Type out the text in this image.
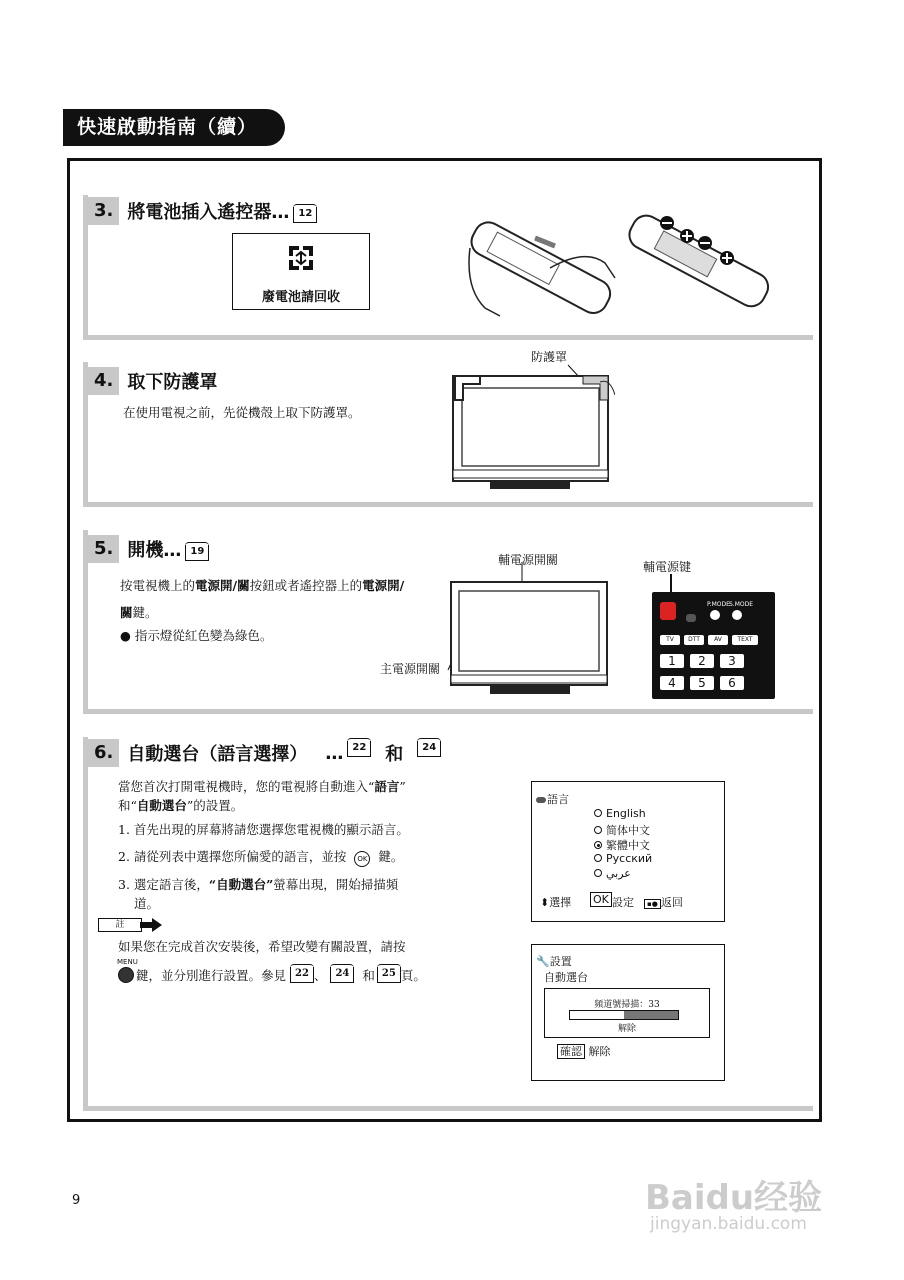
快速啟動指南（續）
3. 將電池插入遙控器… 12
廢電池請回收
4. 取下防護罩
在使用電視之前，先從機殼上取下防護罩。
防護罩
5. 開機… 19
按電視機上的電源開/關按鈕或者遙控器上的電源開/
關鍵。
● 指示燈從紅色變為綠色。
輔電源開關
主電源開關
輔電源键
P.MODE S.MODE
TV	DTT	AV	TEXT
1	2	3
4	5	6
6. 自動選台（語言選擇） … 22 和	24
當您首次打開電視機時，您的電視將自動進入“語言”
和“自動選台”的設置。
1. 首先出現的屏幕將請您選擇您電視機的顯示語言。
2. 請從列表中選擇您所偏愛的語言，並按 OK 鍵。
3. 選定語言後，“自動選台”螢幕出現，開始掃描頻
道。
註
如果您在完成首次安裝後，希望改變有關設置，請按
MENU
鍵，並分別進行設置。參見 22 、 24	和 25 頁。
語言
English
简体中文
繁體中文
Русский
عربي
⬍選擇 OK 設定	▪● 返回
🔧設置
自動選台
頻道號掃描：33
解除
確認 解除
9	Baidu经验
jingyan.baidu.com
